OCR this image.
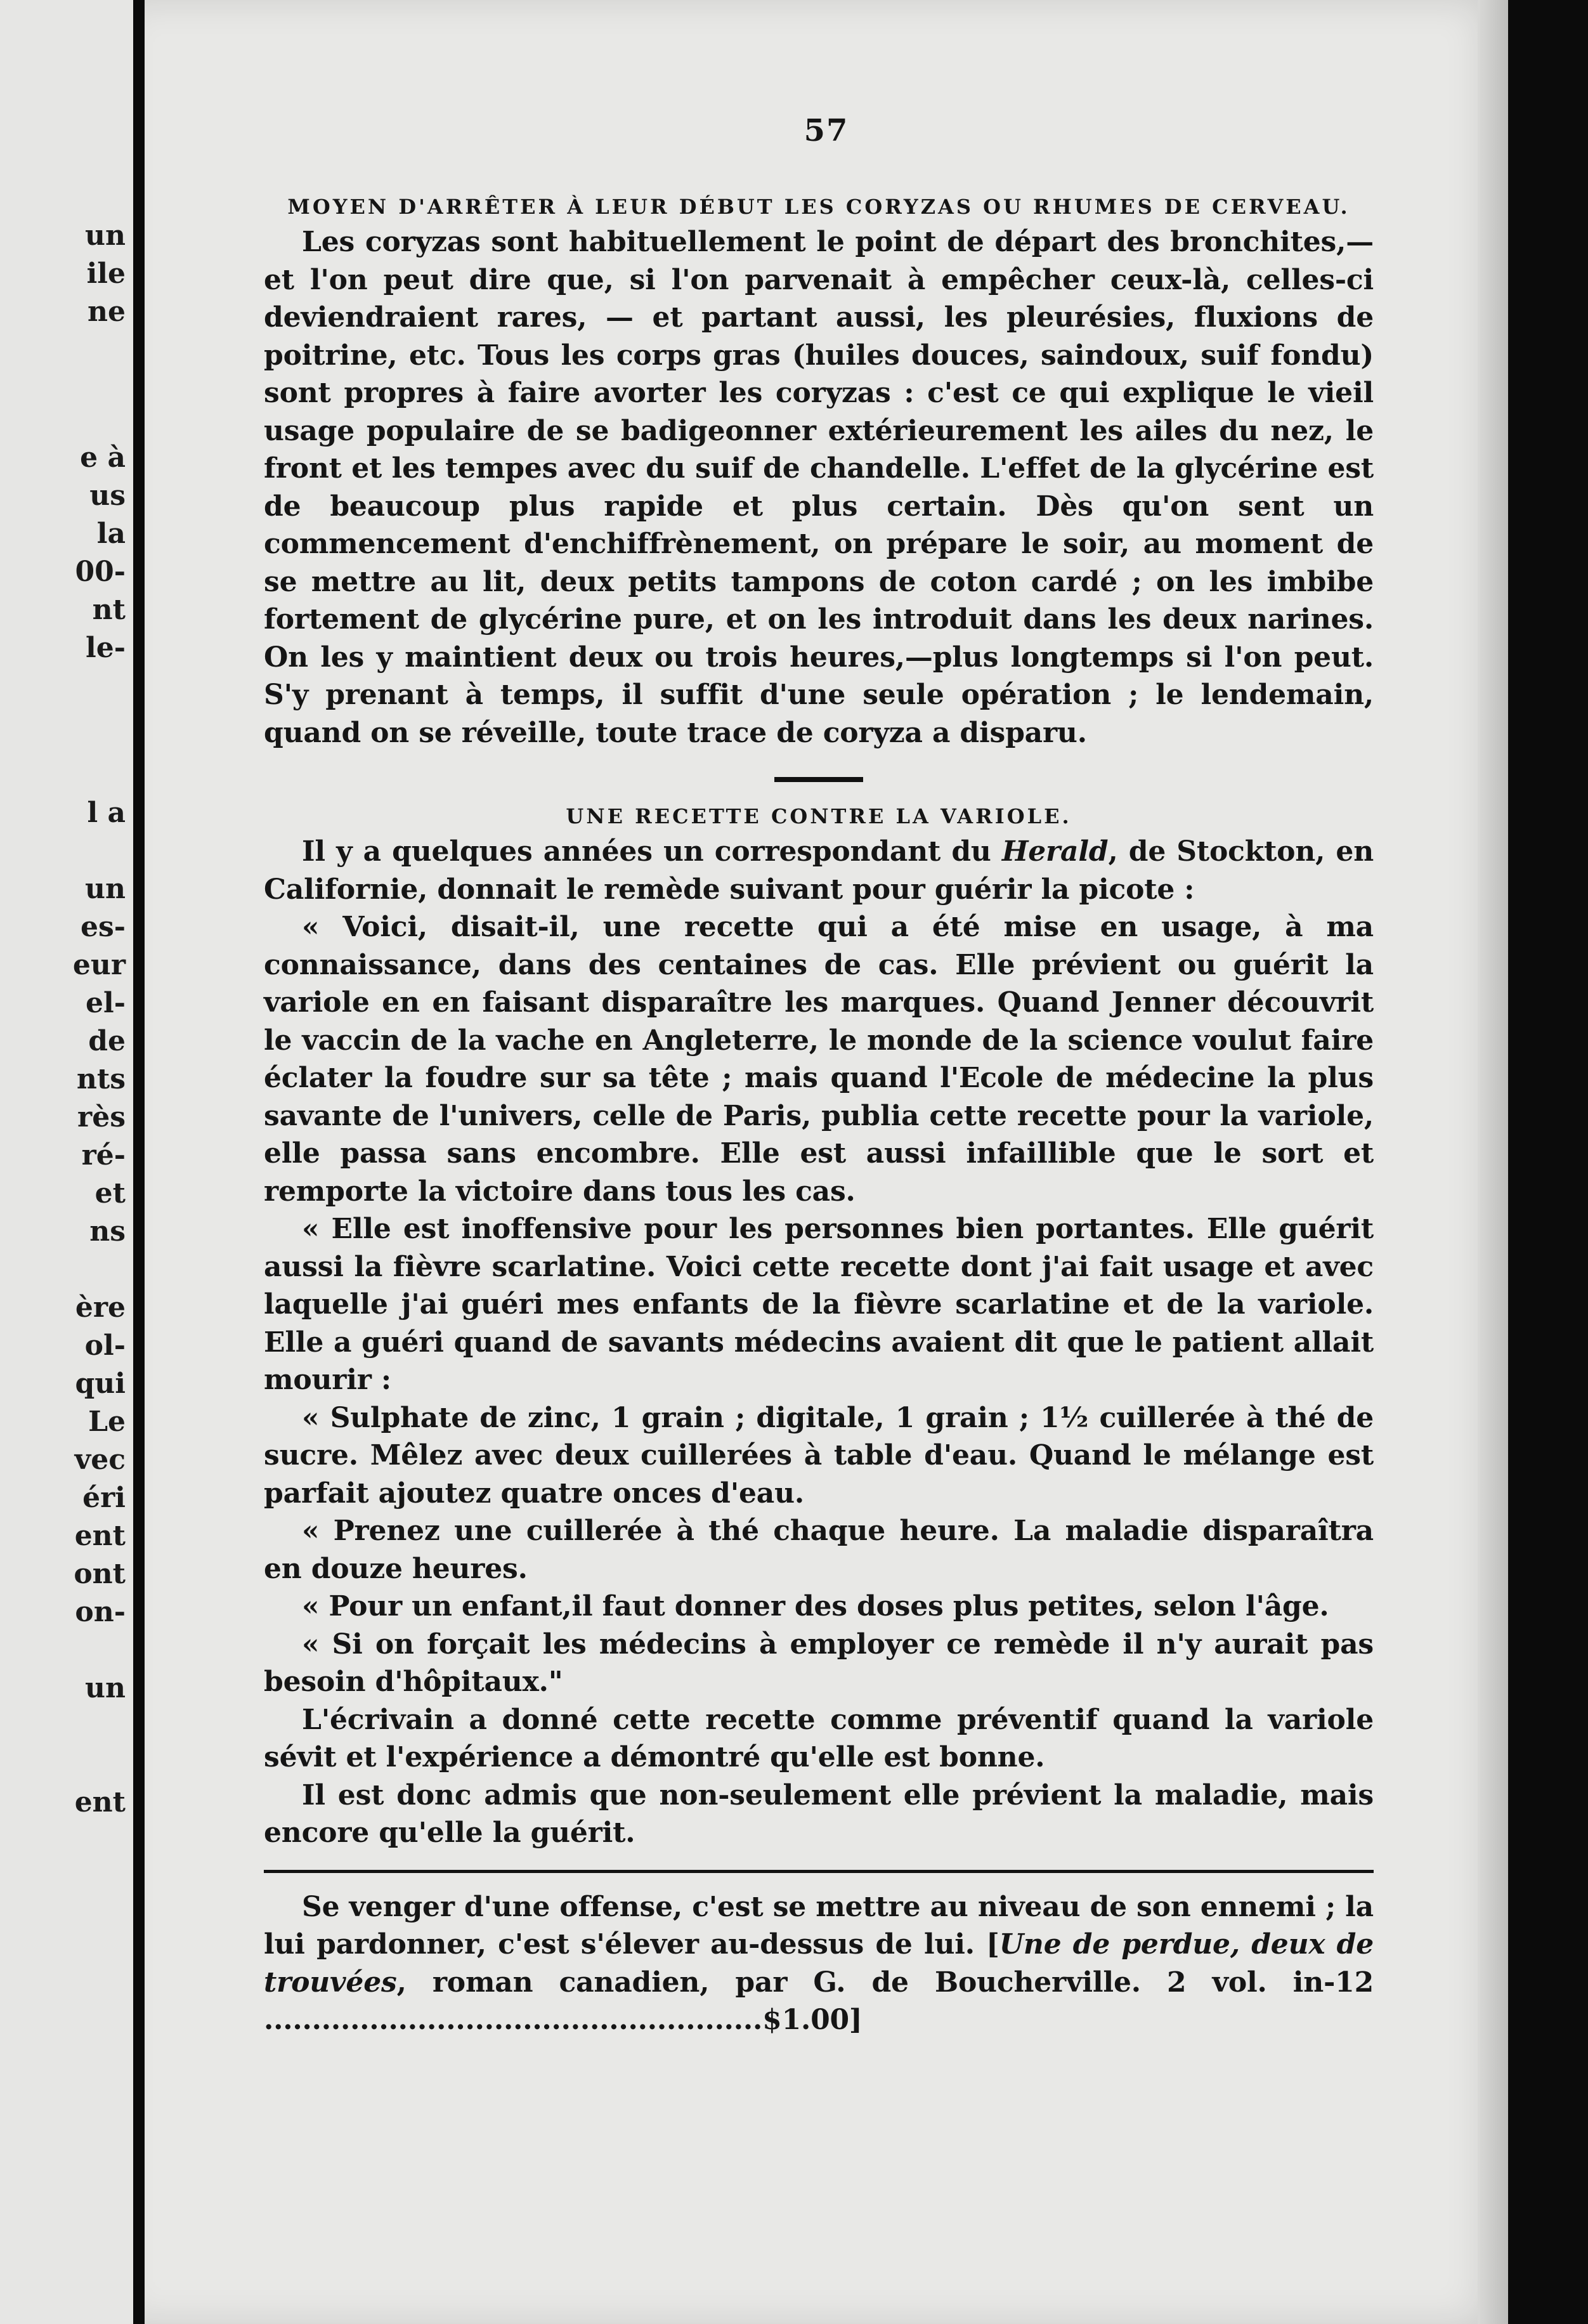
un
ile
ne
e à
us
la
00-
nt
le-
l a
un
es-
eur
el-
de
nts
rès
ré-
et
ns
ère
ol-
qui
Le
vec
éri
ent
ont
on-
un
ent
57
MOYEN D'ARRÊTER À LEUR DÉBUT LES CORYZAS OU RHUMES DE CERVEAU.

Les coryzas sont habituellement le point de départ des bronchites,—et l'on peut dire que, si l'on parvenait à empêcher ceux-là, celles-ci deviendraient rares, — et partant aussi, les pleurésies, fluxions de poitrine, etc. Tous les corps gras (huiles douces, saindoux, suif fondu) sont propres à faire avorter les coryzas : c'est ce qui explique le vieil usage populaire de se badigeonner extérieurement les ailes du nez, le front et les tempes avec du suif de chandelle. L'effet de la glycérine est de beaucoup plus rapide et plus certain. Dès qu'on sent un commencement d'enchiffrènement, on prépare le soir, au moment de se mettre au lit, deux petits tampons de coton cardé ; on les imbibe fortement de glycérine pure, et on les introduit dans les deux narines. On les y maintient deux ou trois heures,—plus longtemps si l'on peut. S'y prenant à temps, il suffit d'une seule opération ; le lendemain, quand on se réveille, toute trace de coryza a disparu.

UNE RECETTE CONTRE LA VARIOLE.

Il y a quelques années un correspondant du Herald, de Stockton, en Californie, donnait le remède suivant pour guérir la picote :

« Voici, disait-il, une recette qui a été mise en usage, à ma connaissance, dans des centaines de cas. Elle prévient ou guérit la variole en en faisant disparaître les marques. Quand Jenner découvrit le vaccin de la vache en Angleterre, le monde de la science voulut faire éclater la foudre sur sa tête ; mais quand l'Ecole de médecine la plus savante de l'univers, celle de Paris, publia cette recette pour la variole, elle passa sans encombre. Elle est aussi infaillible que le sort et remporte la victoire dans tous les cas.

« Elle est inoffensive pour les personnes bien portantes. Elle guérit aussi la fièvre scarlatine. Voici cette recette dont j'ai fait usage et avec laquelle j'ai guéri mes enfants de la fièvre scarlatine et de la variole. Elle a guéri quand de savants médecins avaient dit que le patient allait mourir :

« Sulphate de zinc, 1 grain ; digitale, 1 grain ; 1½ cuillerée à thé de sucre. Mêlez avec deux cuillerées à table d'eau. Quand le mélange est parfait ajoutez quatre onces d'eau.

« Prenez une cuillerée à thé chaque heure. La maladie disparaîtra en douze heures.

« Pour un enfant,il faut donner des doses plus petites, selon l'âge.

« Si on forçait les médecins à employer ce remède il n'y aurait pas besoin d'hôpitaux."

L'écrivain a donné cette recette comme préventif quand la variole sévit et l'expérience a démontré qu'elle est bonne.

Il est donc admis que non-seulement elle prévient la maladie, mais encore qu'elle la guérit.

Se venger d'une offense, c'est se mettre au niveau de son ennemi ; la lui pardonner, c'est s'élever au-dessus de lui. [Une de perdue, deux de trouvées, roman canadien, par G. de Boucherville. 2 vol. in-12 ....................................................$1.00]
